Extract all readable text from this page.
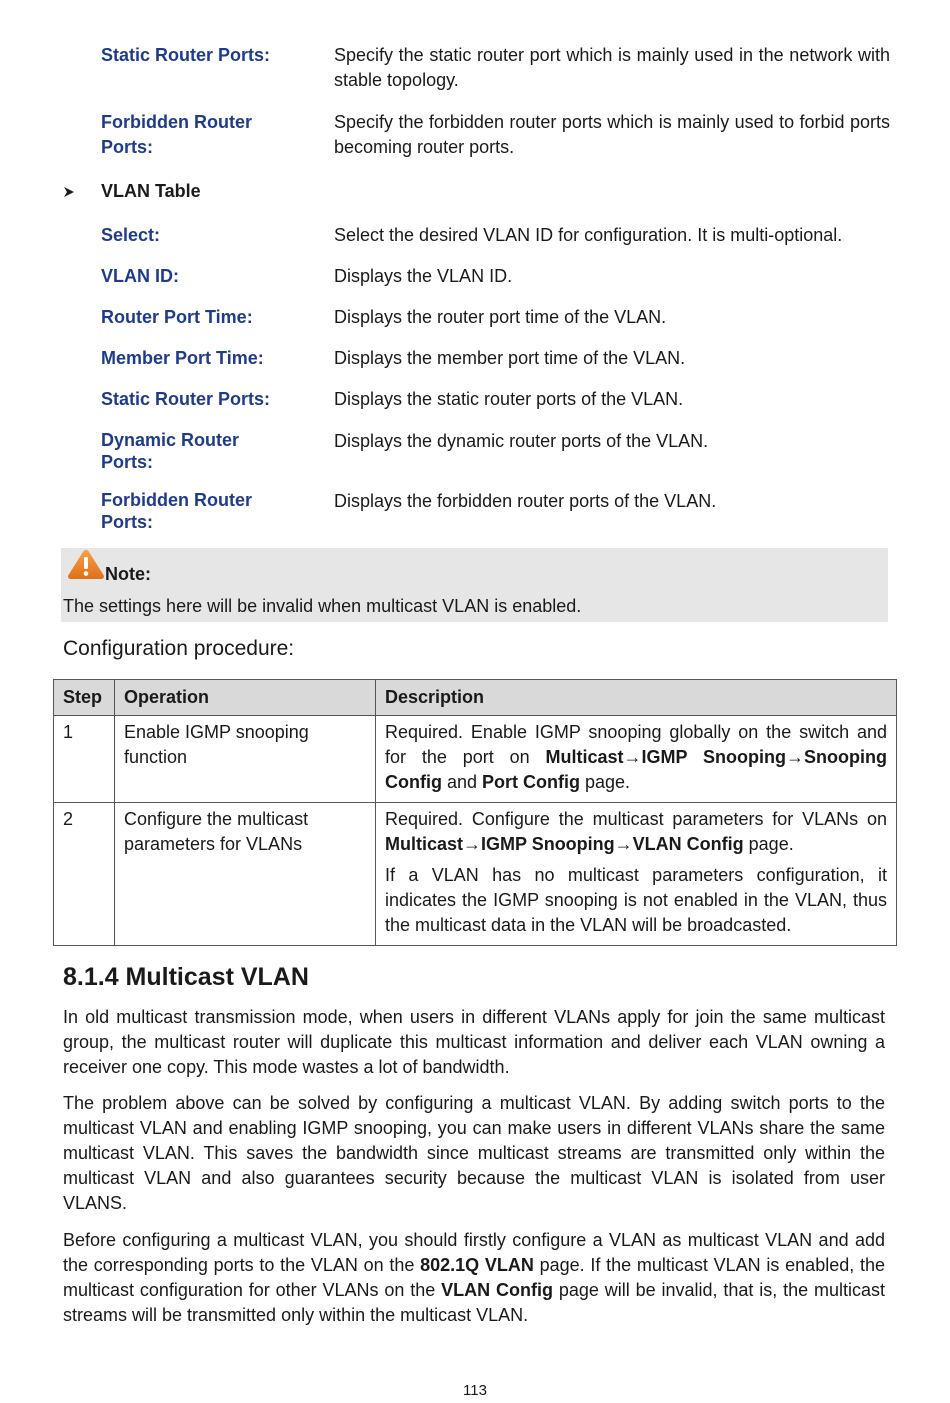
Static Router Ports:	Specify the static router port which is mainly used in the network with stable topology.
Forbidden Router Ports:
Specify the forbidden router ports which is mainly used to forbid ports becoming router ports.
VLAN Table
Select:	Select the desired VLAN ID for configuration. It is multi-optional.
VLAN ID:	Displays the VLAN ID.
Router Port Time:	Displays the router port time of the VLAN.
Member Port Time:	Displays the member port time of the VLAN.
Static Router Ports:	Displays the static router ports of the VLAN.
Dynamic Router Ports:
Displays the dynamic router ports of the VLAN.
Forbidden Router Ports:
Displays the forbidden router ports of the VLAN.
Note:
The settings here will be invalid when multicast VLAN is enabled.
Configuration procedure:
Step	Operation	Description
1	Enable IGMP snooping function	Required. Enable IGMP snooping globally on the switch and for the port on Multicast→IGMP Snooping→Snooping Config and Port Config page.
2	Configure the multicast parameters for VLANs	Required. Configure the multicast parameters for VLANs on Multicast→IGMP Snooping→VLAN Config page.

If a VLAN has no multicast parameters configuration, it indicates the IGMP snooping is not enabled in the VLAN, thus the multicast data in the VLAN will be broadcasted.

8.1.4 Multicast VLAN
In old multicast transmission mode, when users in different VLANs apply for join the same multicast group, the multicast router will duplicate this multicast information and deliver each VLAN owning a receiver one copy. This mode wastes a lot of bandwidth.
The problem above can be solved by configuring a multicast VLAN. By adding switch ports to the multicast VLAN and enabling IGMP snooping, you can make users in different VLANs share the same multicast VLAN. This saves the bandwidth since multicast streams are transmitted only within the multicast VLAN and also guarantees security because the multicast VLAN is isolated from user VLANS.
Before configuring a multicast VLAN, you should firstly configure a VLAN as multicast VLAN and add the corresponding ports to the VLAN on the 802.1Q VLAN page. If the multicast VLAN is enabled, the multicast configuration for other VLANs on the VLAN Config page will be invalid, that is, the multicast streams will be transmitted only within the multicast VLAN.
113
